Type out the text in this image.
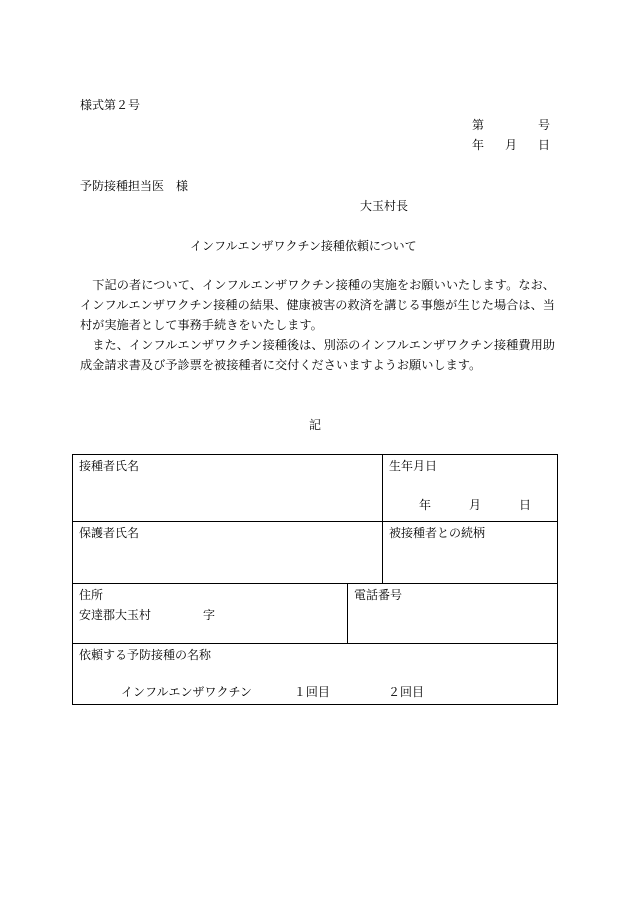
様式第２号
第	号
年 月 日
予防接種担当医　様
大玉村長
インフルエンザワクチン接種依頼について

　下記の者について、インフルエンザワクチン接種の実施をお願いいたします。なお、インフルエンザワクチン接種の結果、健康被害の救済を講じる事態が生じた場合は、当村が実施者として事務手続きをいたします。

　また、インフルエンザワクチン接種後は、別添のインフルエンザワクチン接種費用助成金請求書及び予診票を被接種者に交付くださいますようお願いします。

記
接種者氏名		生年月日
年 月 日

保護者氏名		被接種者との続柄

住所
安達郡大玉村 字	電話番号	

依頼する予防接種の名称
インフルエンザワクチン １回目 ２回目		
